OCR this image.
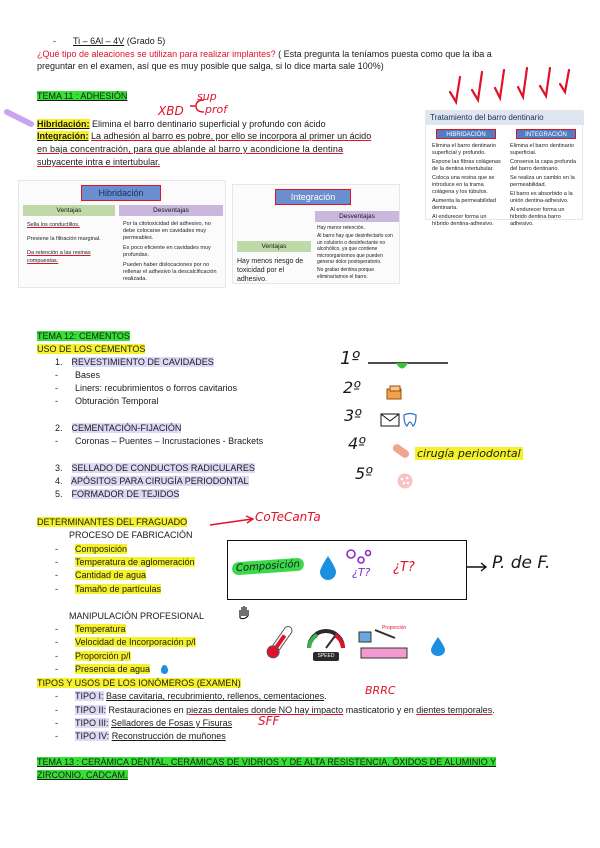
- Ti – 6Al – 4V (Grado 5)
¿Qué tipo de aleaciones se utilizan para realizar implantes? ( Esta pregunta la teníamos puesta como que la iba a
preguntar en el examen, así que es muy posible que salga, si lo dice marta sale 100%)
TEMA 11 : ADHESIÓN	sup
prof
XBD
Hibridación: Elimina el barro dentinario superficial y profundo con ácido
Integración: La adhesión al barro es pobre, por ello se incorpora al primer un ácido
en baja concentración, para que ablande al barro y acondicione la dentina
subyacente intra e intertubular.
Tratamiento del barro dentinario
HIBRIDACIÓN	INTEGRACIÓN
Elimina el barro dentinario superficial y profundo.
Expone las fibras colágenas de la dentina intertubular.
Coloca una resina que se introduce en la trama colágena y los túbulos.
Aumenta la permeabilidad dentinaria.
Al endurecer forma un híbrido dentina-adhesivo.
Elimina el barro dentinario superficial.
Conserva la capa profunda del barro dentinario.
Se realiza un cambio en la permeabilidad.
El barro es absorbido a la unión dentina-adhesivo.
Al endurecer forma un híbrido dentina barro adhesivo.
Hibridación
Ventajas	Desventajas
Sella los conductillos.
Previene la filtración marginal.
Da retención a las resinas compuestas.
Por la citotoxicidad del adhesivo, no debe colocarse en cavidades muy permeables.
Es poco eficiente en cavidades muy profundas.
Pueden haber dislocaciones por no rellenar el adhesivo la descalcificación realizada.
Integración
Desventajas
Ventajas
Hay menos riesgo de toxicidad por el adhesivo.
Hay menor retención.
Al barro hay que desinfectarlo con un colutorio o desinfectante no alcohólico, ya que contiene microorganismos que pueden generar dolor postoperatorio.
No grabar dentina porque eliminaríamos el barro.
TEMA 12: CEMENTOS
USO DE LOS CEMENTOS
1. REVESTIMIENTO DE CAVIDADES
- Bases
- Liners: recubrimientos o forros cavitarios
- Obturación Temporal
2. CEMENTACIÓN-FIJACIÓN
- Coronas – Puentes – Incrustaciones - Brackets
3. SELLADO DE CONDUCTOS RADICULARES
4. APÓSITOS PARA CIRUGÍA PERIODONTAL
5. FORMADOR DE TEJIDOS
1º
2º
3º
4º
cirugía periodontal
5º
DETERMINANTES DEL FRAGUADO	CoTeCanTa
PROCESO DE FABRICACIÓN
- Composición
- Temperatura de aglomeración
- Cantidad de agua
- Tamaño de partículas
Composición	¿T? ¿T?	P. de F.
MANIPULACIÓN PROFESIONAL
- Temperatura
- Velocidad de Incorporación p/l
- Proporción p/l
- Presencia de agua
SPEED
Proporción
TIPOS Y USOS DE LOS IONÓMEROS (EXAMEN)
- TIPO I: Base cavitaria, recubrimiento, rellenos, cementaciones.	BRRC
- TIPO II: Restauraciones en piezas dentales donde NO hay impacto masticatorio y en dientes temporales.
- TIPO III: Selladores de Fosas y Fisuras	SFF
- TIPO IV: Reconstrucción de muñones
TEMA 13 : CERÁMICA DENTAL, CERÁMICAS DE VIDRIOS Y DE ALTA RESISTENCIA, ÓXIDOS DE ALUMINIO Y
ZIRCONIO, CADCAM.
